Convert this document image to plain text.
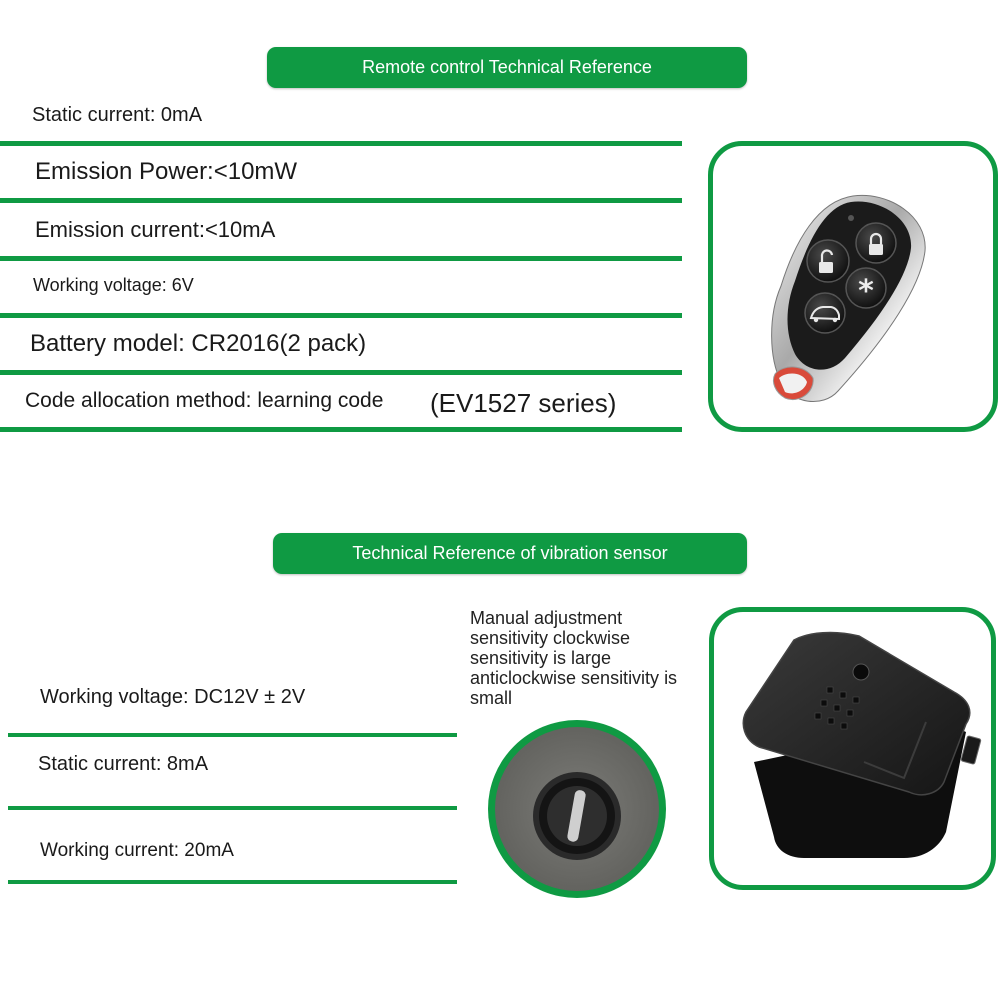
Remote control Technical Reference
Static current: 0mA
Emission Power:<10mW
Emission current:<10mA
Working voltage: 6V
Battery model: CR2016(2 pack)
Code allocation method: learning code (EV1527 series)
*
Technical Reference of vibration sensor
Manual adjustment
sensitivity clockwise
sensitivity is large
anticlockwise sensitivity is
small
Working voltage: DC12V ± 2V
Static current: 8mA
Working current: 20mA
